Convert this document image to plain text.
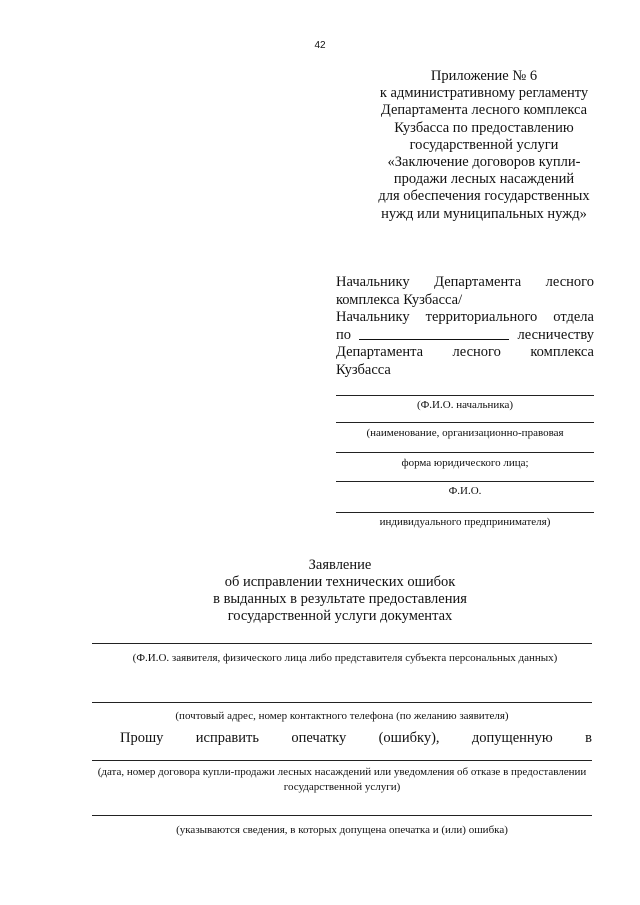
42
Приложение № 6
к административному регламенту
Департамента лесного комплекса
Кузбасса по предоставлению
государственной услуги
«Заключение договоров купли-
продажи лесных насаждений
для обеспечения государственных
нужд или муниципальных нужд»
Начальнику Департамента лесного
комплекса Кузбасса/
Начальнику территориального отдела
по	лесничеству
Департамента лесного комплекса
Кузбасса
(Ф.И.О. начальника)
(наименование, организационно-правовая
форма юридического лица;
Ф.И.О.
индивидуального предпринимателя)
Заявление
об исправлении технических ошибок
в выданных в результате предоставления
государственной услуги документах
(Ф.И.О. заявителя, физического лица либо представителя субъекта персональных данных)
(почтовый адрес, номер контактного телефона (по желанию заявителя)
Прошу исправить опечатку (ошибку), допущенную в
(дата, номер договора купли-продажи лесных насаждений или уведомления об отказе в предоставлении государственной услуги)
(указываются сведения, в которых допущена опечатка и (или) ошибка)
